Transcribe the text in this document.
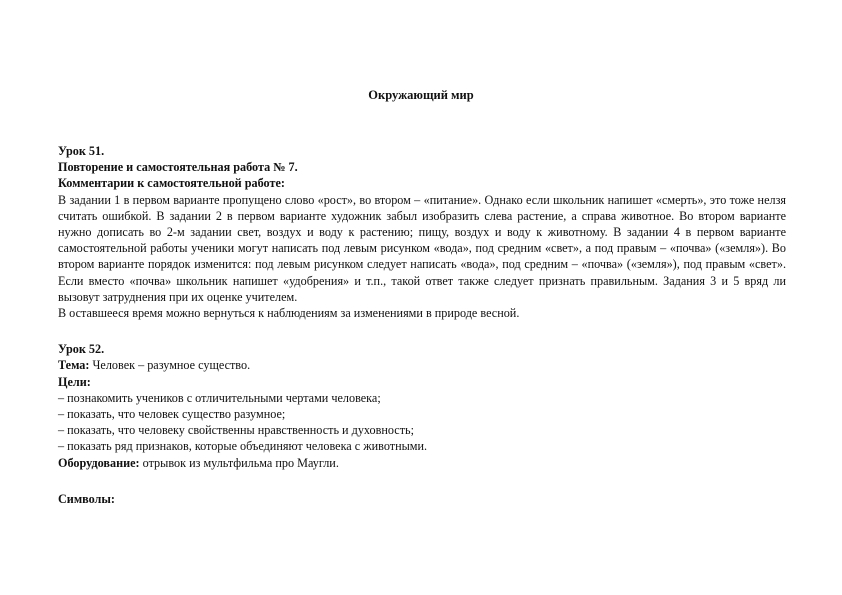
Окружающий мир

Урок 51.

Повторение и самостоятельная работа № 7.

Комментарии к самостоятельной работе:

В задании 1 в первом варианте пропущено слово «рост», во втором – «питание». Однако если школьник напишет «смерть», это тоже нелзя считать ошибкой. В задании 2 в первом варианте художник забыл изобразить слева растение, а справа животное. Во втором варианте нужно дописать во 2-м задании свет, воздух и воду к растению; пищу, воздух и воду к животному. В задании 4 в первом варианте самостоятельной работы ученики могут написать под левым рисунком «вода», под средним «свет», а под правым – «почва» («земля»). Во втором варианте порядок изменится: под левым рисунком следует написать «вода», под средним – «почва» («земля»), под правым «свет». Если вместо «почва» школьник напишет «удобрения» и т.п., такой ответ также следует признать правильным. Задания 3 и 5 вряд ли вызовут затруднения при их оценке учителем.

В оставшееся время можно вернуться к наблюдениям за изменениями в природе весной.

Урок 52.

Тема: Человек – разумное существо.

Цели:

– познакомить учеников с отличительными чертами человека;

– показать, что человек существо разумное;

– показать, что человеку свойственны нравственность и духовность;

– показать ряд признаков, которые объединяют человека с животными.

Оборудование: отрывок из мультфильма про Маугли.

Символы:
